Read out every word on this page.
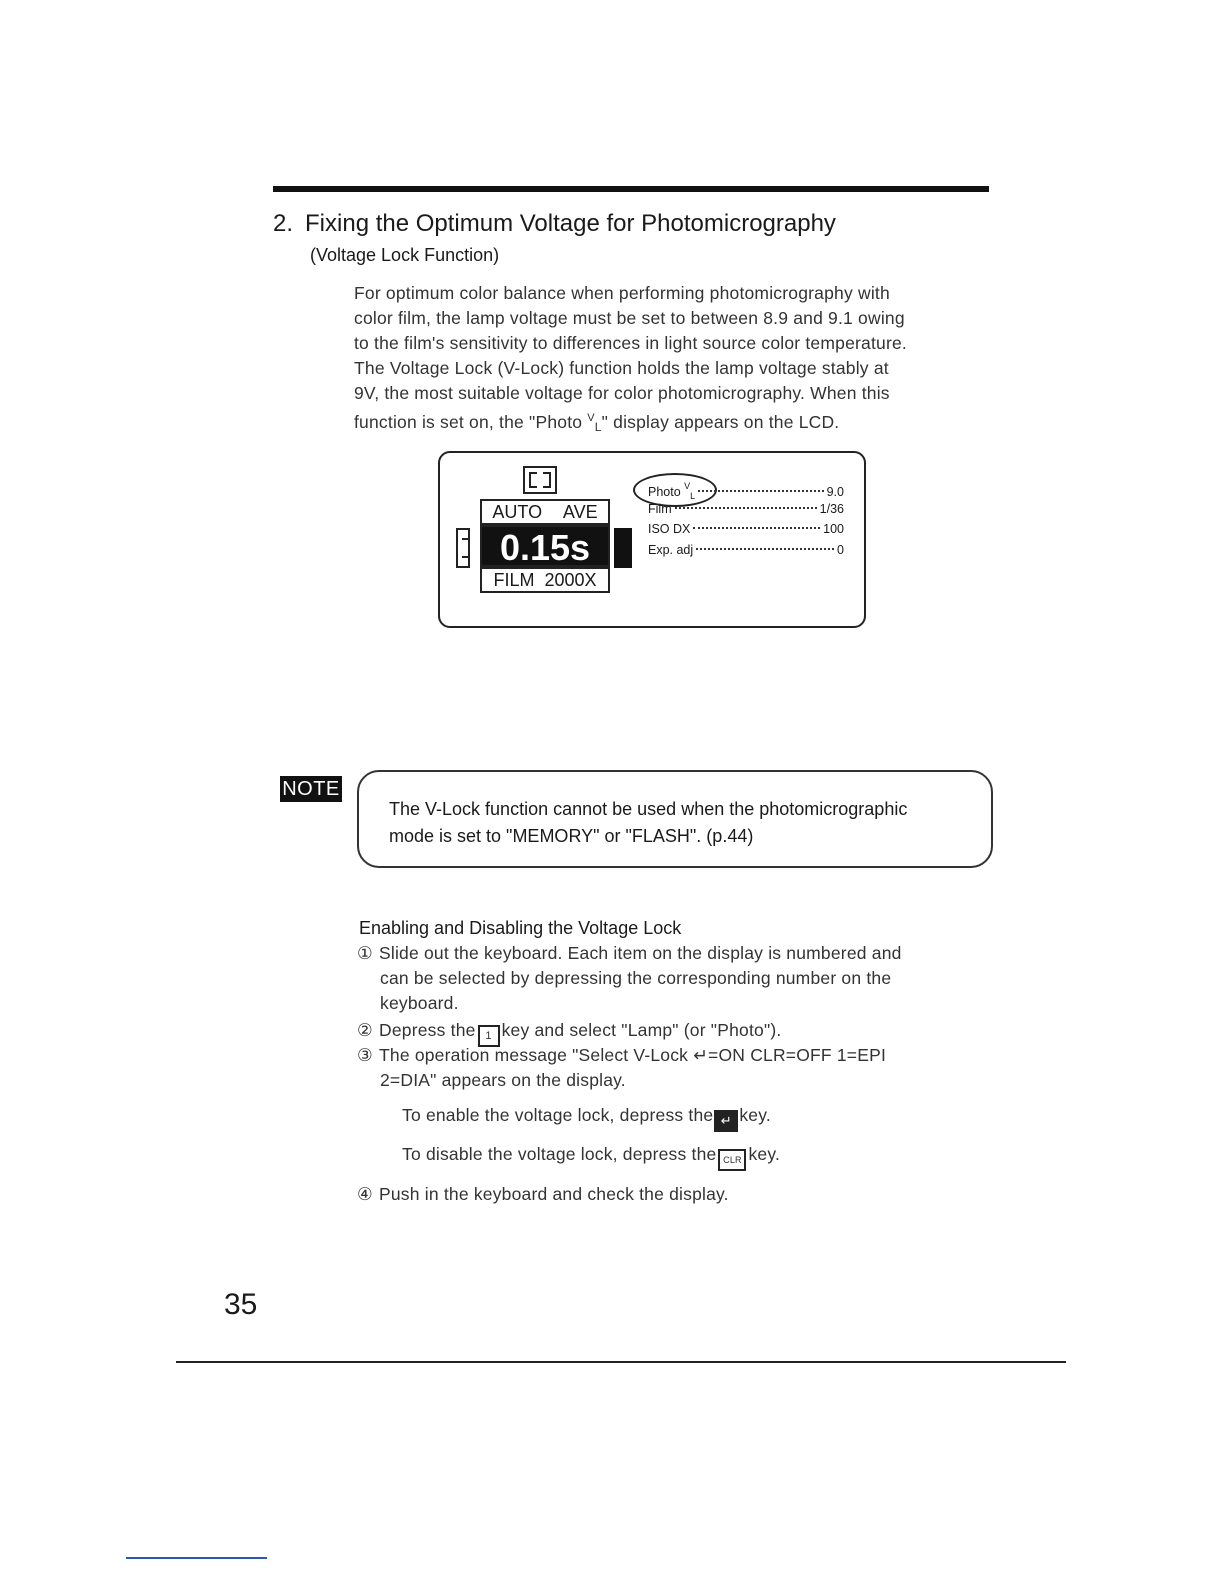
2. Fixing the Optimum Voltage for Photomicrography
(Voltage Lock Function)

For optimum color balance when performing photomicrography with

color film, the lamp voltage must be set to between 8.9 and 9.1 owing

to the film's sensitivity to differences in light source color temperature.

The Voltage Lock (V-Lock) function holds the lamp voltage stably at

9V, the most suitable voltage for color photomicrography. When this

function is set on, the "Photo $^V$L" display appears on the LCD.

AUTO AVE
0.15s
FILM  2000X
Photo $^V_L$	9.0
Film	1/36
ISO DX	100
Exp. adj	0
NOTE
The V-Lock function cannot be used when the photomicrographic
mode is set to "MEMORY" or "FLASH". (p.44)
Enabling and Disabling the Voltage Lock
① Slide out the keyboard. Each item on the display is numbered and
can be selected by depressing the corresponding number on the
keyboard.
② Depress the 1 key and select "Lamp" (or "Photo").
③ The operation message "Select V-Lock ↵=ON CLR=OFF 1=EPI
2=DIA" appears on the display.
To enable the voltage lock, depress the ↵ key.
To disable the voltage lock, depress the CLR key.
④ Push in the keyboard and check the display.
35
